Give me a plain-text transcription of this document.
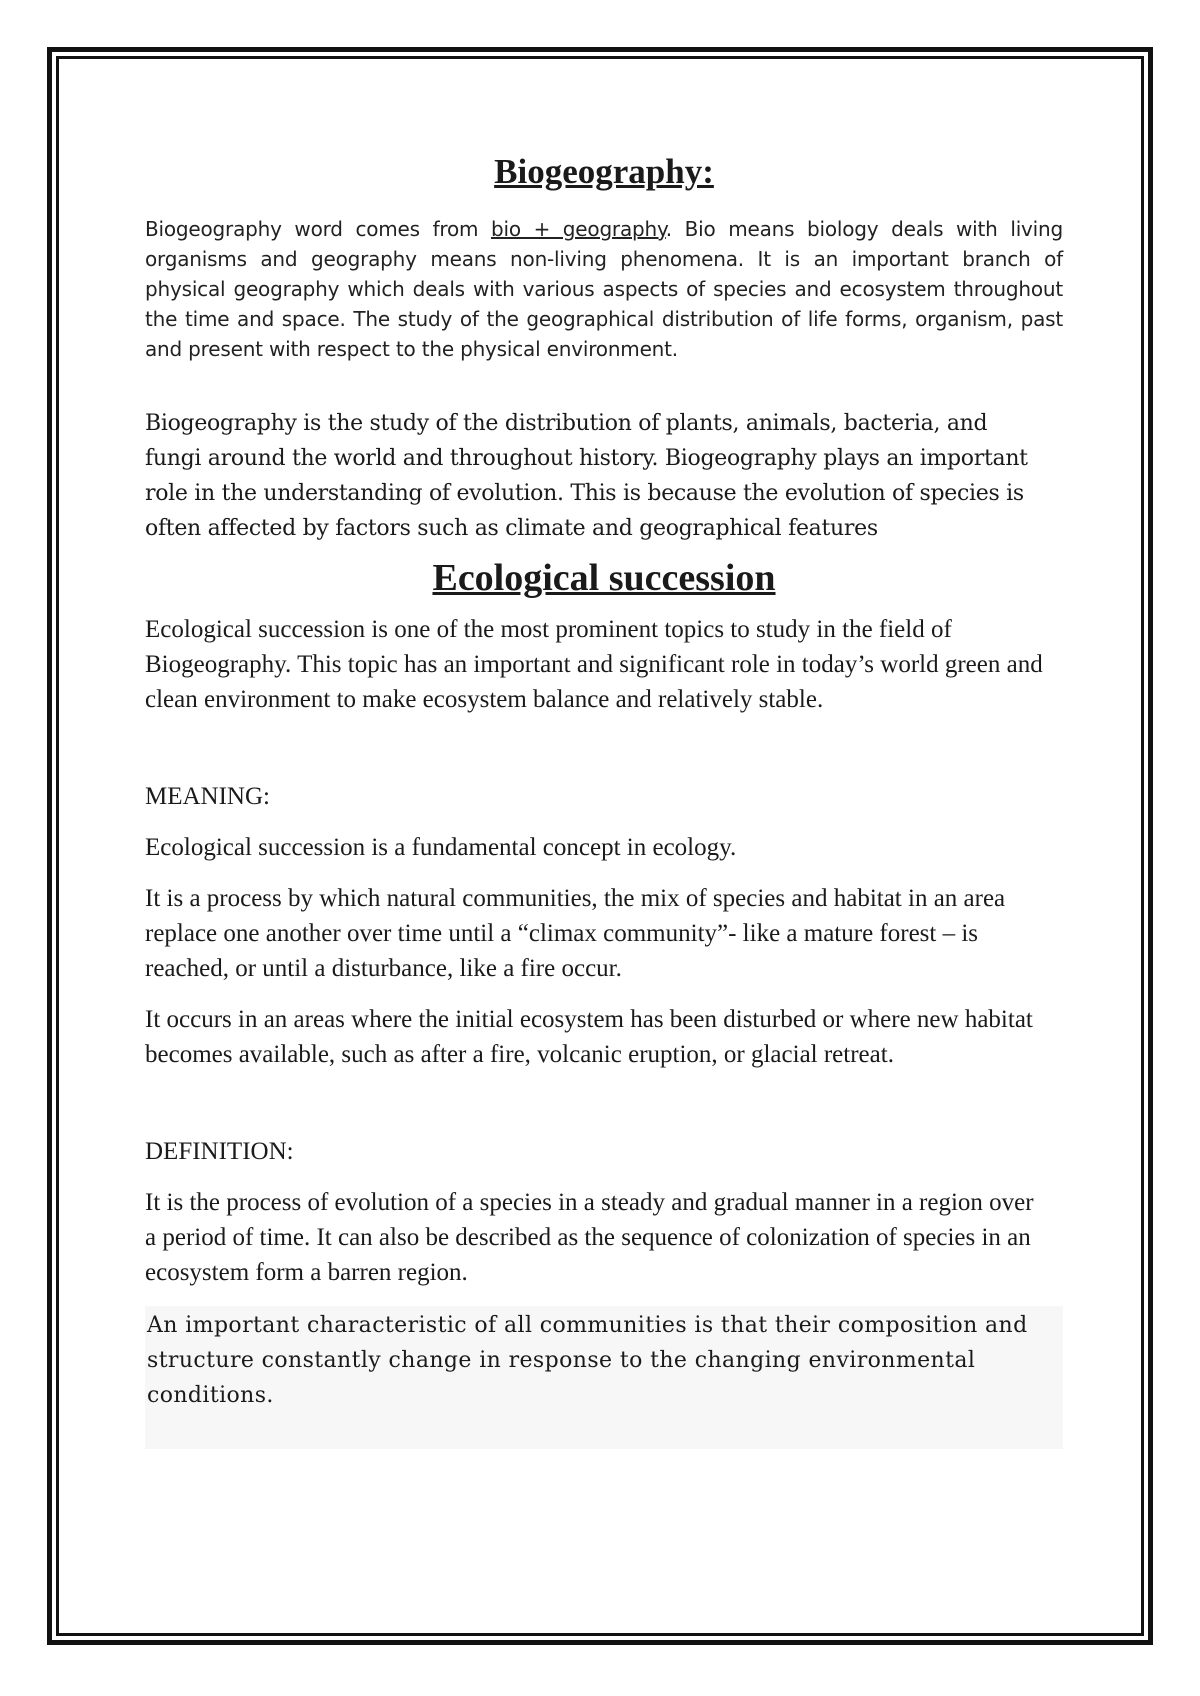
Biogeography:

Biogeography word comes from bio + geography. Bio means biology deals with living organisms and geography means non-living phenomena. It is an important branch of physical geography which deals with various aspects of species and ecosystem throughout the time and space. The study of the geographical distribution of life forms, organism, past and present with respect to the physical environment.

Biogeography is the study of the distribution of plants, animals, bacteria, and fungi around the world and throughout history. Biogeography plays an important role in the understanding of evolution. This is because the evolution of species is often affected by factors such as climate and geographical features

Ecological succession

Ecological succession is one of the most prominent topics to study in the field of Biogeography. This topic has an important and significant role in today’s world green and clean environment to make ecosystem balance and relatively stable.

MEANING:

Ecological succession is a fundamental concept in ecology.

It is a process by which natural communities, the mix of species and habitat in an area replace one another over time until a “climax community”- like a mature forest – is reached, or until a disturbance, like a fire occur.

It occurs in an areas where the initial ecosystem has been disturbed or where new habitat becomes available, such as after a fire, volcanic eruption, or glacial retreat.

DEFINITION:

It is the process of evolution of a species in a steady and gradual manner in a region over a period of time. It can also be described as the sequence of colonization of species in an ecosystem form a barren region.

An important characteristic of all communities is that their composition and structure constantly change in response to the changing environmental conditions.
